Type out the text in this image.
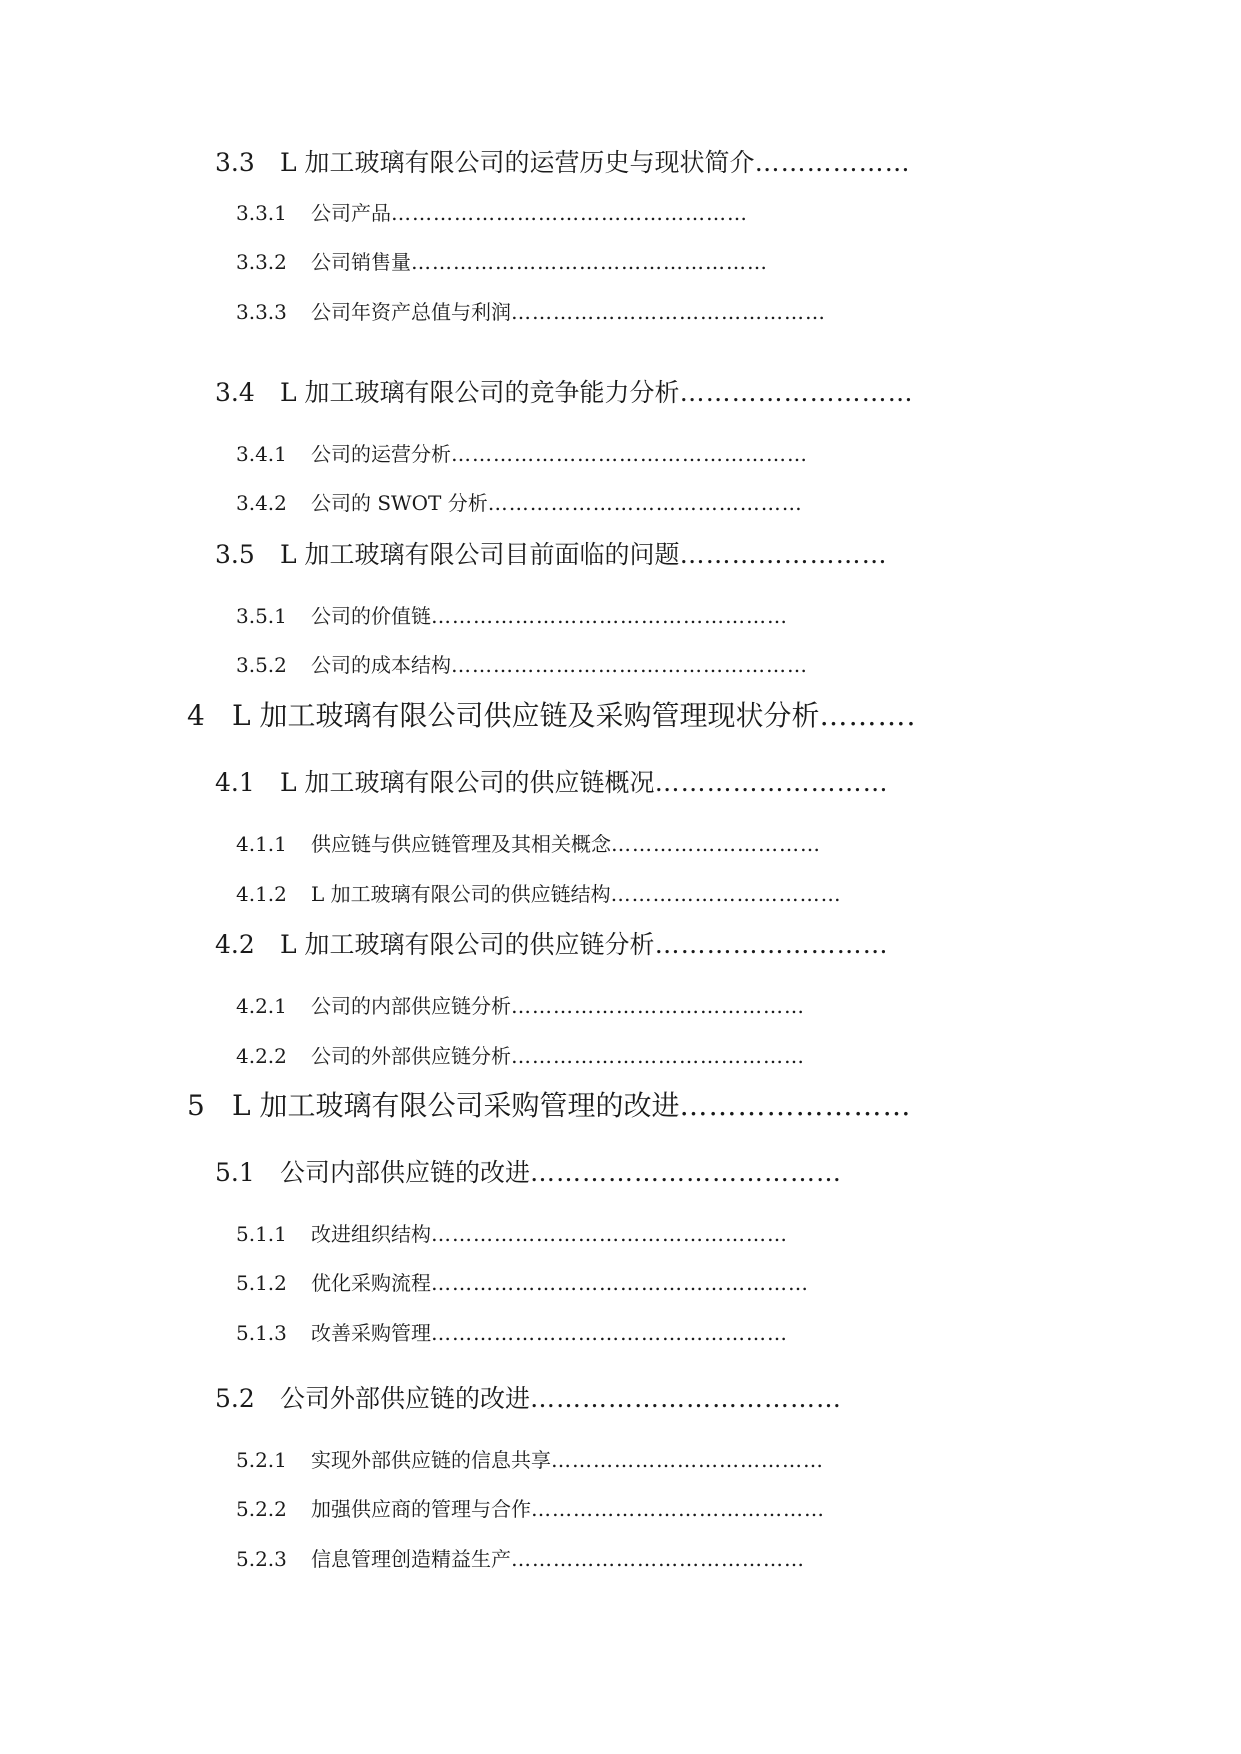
3.3 L 加工玻璃有限公司的运营历史与现状简介………………
3.3.1 公司产品……………………………………………
3.3.2 公司销售量……………………………………………
3.3.3 公司年资产总值与利润………………………………………
3.4 L 加工玻璃有限公司的竞争能力分析………………………
3.4.1 公司的运营分析……………………………………………
3.4.2 公司的 SWOT 分析………………………………………
3.5 L 加工玻璃有限公司目前面临的问题……………………
3.5.1 公司的价值链……………………………………………
3.5.2 公司的成本结构……………………………………………
4 L 加工玻璃有限公司供应链及采购管理现状分析……….
4.1 L 加工玻璃有限公司的供应链概况………………………
4.1.1 供应链与供应链管理及其相关概念…………………………
4.1.2 L 加工玻璃有限公司的供应链结构……………………………
4.2 L 加工玻璃有限公司的供应链分析………………………
4.2.1 公司的内部供应链分析……………………………………
4.2.2 公司的外部供应链分析……………………………………
5 L 加工玻璃有限公司采购管理的改进……………………
5.1 公司内部供应链的改进………………………………
5.1.1 改进组织结构……………………………………………
5.1.2 优化采购流程………………………………………………
5.1.3 改善采购管理……………………………………………
5.2 公司外部供应链的改进………………………………
5.2.1 实现外部供应链的信息共享…………………………………
5.2.2 加强供应商的管理与合作……………………………………
5.2.3 信息管理创造精益生产……………………………………
